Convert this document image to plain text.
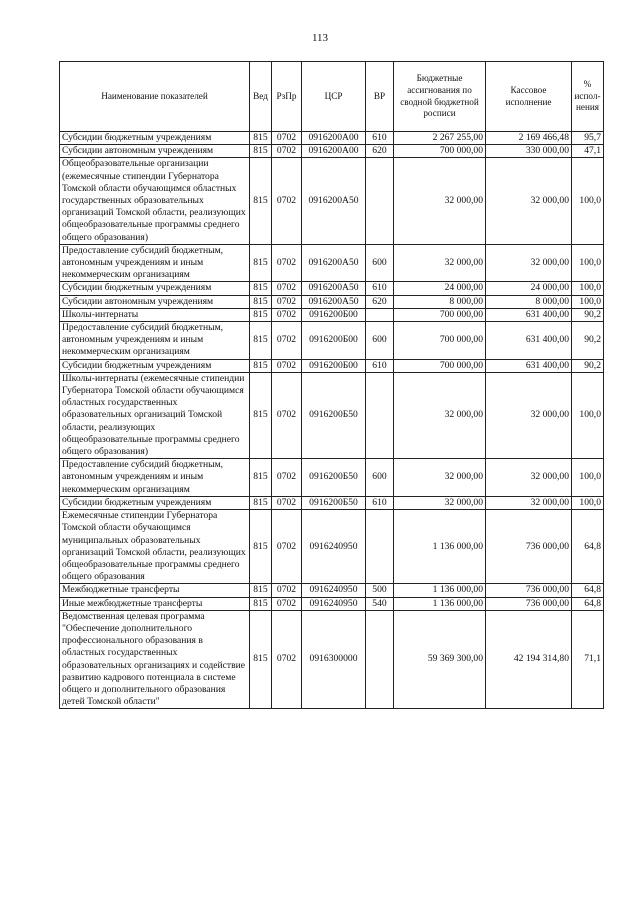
113
Наименование показателей	Вед	РзПр	ЦСР	ВР	Бюджетные ассигнования по сводной бюджетной росписи	Кассовое исполнение	% испол-нения
Субсидии бюджетным учреждениям	815	0702	0916200А00	610	2 267 255,00	2 169 466,48	95,7
Субсидии автономным учреждениям	815	0702	0916200А00	620	700 000,00	330 000,00	47,1
Общеобразовательные организации (ежемесячные стипендии Губернатора Томской области обучающимся областных государственных образовательных организаций Томской области, реализующих общеобразовательные программы среднего общего образования)	815	0702	0916200А50		32 000,00	32 000,00	100,0
Предоставление субсидий бюджетным, автономным учреждениям и иным некоммерческим организациям	815	0702	0916200А50	600	32 000,00	32 000,00	100,0
Субсидии бюджетным учреждениям	815	0702	0916200А50	610	24 000,00	24 000,00	100,0
Субсидии автономным учреждениям	815	0702	0916200А50	620	8 000,00	8 000,00	100,0
Школы-интернаты	815	0702	0916200Б00		700 000,00	631 400,00	90,2
Предоставление субсидий бюджетным, автономным учреждениям и иным некоммерческим организациям	815	0702	0916200Б00	600	700 000,00	631 400,00	90,2
Субсидии бюджетным учреждениям	815	0702	0916200Б00	610	700 000,00	631 400,00	90,2
Школы-интернаты (ежемесячные стипендии Губернатора Томской области обучающимся областных государственных образовательных организаций Томской области, реализующих общеобразовательные программы среднего общего образования)	815	0702	0916200Б50		32 000,00	32 000,00	100,0
Предоставление субсидий бюджетным, автономным учреждениям и иным некоммерческим организациям	815	0702	0916200Б50	600	32 000,00	32 000,00	100,0
Субсидии бюджетным учреждениям	815	0702	0916200Б50	610	32 000,00	32 000,00	100,0
Ежемесячные стипендии Губернатора Томской области обучающимся муниципальных образовательных организаций Томской области, реализующих общеобразовательные программы среднего общего образования	815	0702	0916240950		1 136 000,00	736 000,00	64,8
Межбюджетные трансферты	815	0702	0916240950	500	1 136 000,00	736 000,00	64,8
Иные межбюджетные трансферты	815	0702	0916240950	540	1 136 000,00	736 000,00	64,8
Ведомственная целевая программа "Обеспечение дополнительного профессионального образования в областных государственных образовательных организациях и содействие развитию кадрового потенциала в системе общего и дополнительного образования детей Томской области"	815	0702	0916300000		59 369 300,00	42 194 314,80	71,1
